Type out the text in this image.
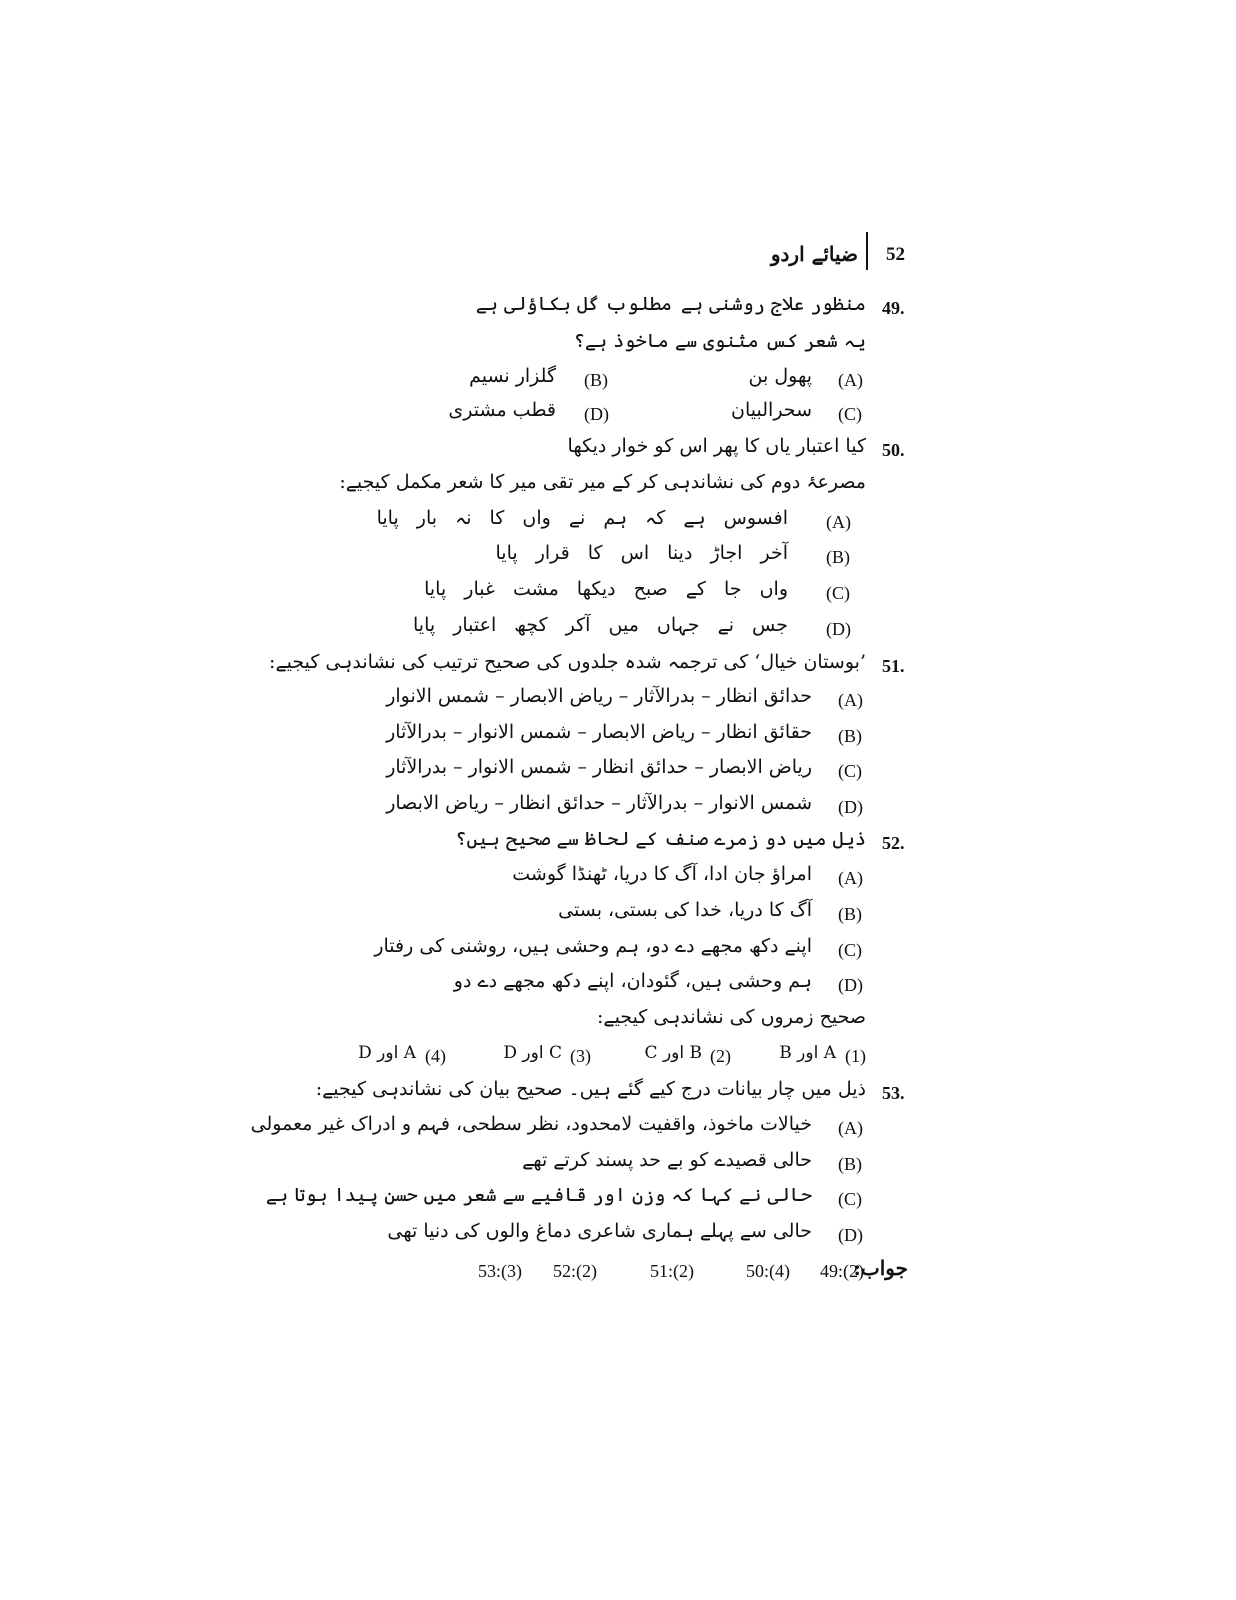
52
ضیائے اردو
49.
منظور علاج روشنی ہے
مطلوب گل بکاؤلی ہے
یہ شعر کس مثنوی سے ماخوذ ہے؟
(A)
پھول بن
(B)
گلزار نسیم
(C)
سحرالبیان
(D)
قطب مشتری
50.
کیا اعتبار یاں کا پھر اس کو خوار دیکھا
مصرعۂ دوم کی نشاندہی کر کے میر تقی میر کا شعر مکمل کیجیے:
(A)
افسوس ہے کہ ہم نے واں کا نہ بار پایا
(B)
آخر اجاڑ دینا اس کا قرار پایا
(C)
واں جا کے صبح دیکھا مشت غبار پایا
(D)
جس نے جہاں میں آکر کچھ اعتبار پایا
51.
’بوستان خیال‘ کی ترجمہ شدہ جلدوں کی صحیح ترتیب کی نشاندہی کیجیے:
(A)
حدائق انظار – بدرالآثار – ریاض الابصار – شمس الانوار
(B)
حقائق انظار – ریاض الابصار – شمس الانوار – بدرالآثار
(C)
ریاض الابصار – حدائق انظار – شمس الانوار – بدرالآثار
(D)
شمس الانوار – بدرالآثار – حدائق انظار – ریاض الابصار
52.
ذیل میں دو زمرے صنف کے لحاظ سے صحیح ہیں؟
(A)
امراؤ جان ادا، آگ کا دریا، ٹھنڈا گوشت
(B)
آگ کا دریا، خدا کی بستی، بستی
(C)
اپنے دکھ مجھے دے دو، ہم وحشی ہیں، روشنی کی رفتار
(D)
ہم وحشی ہیں، گئودان، اپنے دکھ مجھے دے دو
صحیح زمروں کی نشاندہی کیجیے:
(1)
A اور B
(2)
B اور C
(3)
C اور D
(4)
A اور D
53.
ذیل میں چار بیانات درج کیے گئے ہیں۔ صحیح بیان کی نشاندہی کیجیے:
(A)
خیالات ماخوذ، واقفیت لامحدود، نظر سطحی، فہم و ادراک غیر معمولی
(B)
حالی قصیدے کو بے حد پسند کرتے تھے
(C)
حالی نے کہا کہ وزن اور قافیے سے شعر میں حسن پیدا ہوتا ہے
(D)
حالی سے پہلے ہماری شاعری دماغ والوں کی دنیا تھی
جواب:
49:(2)
50:(4)
51:(2)
52:(2)
53:(3)
